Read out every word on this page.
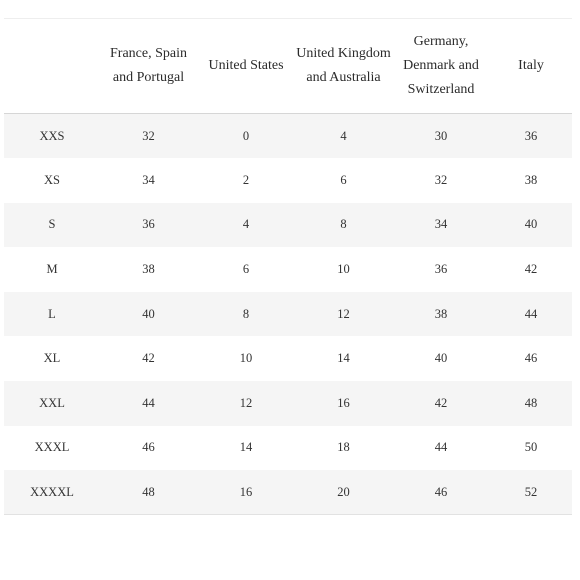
	France, Spain and Portugal	United States	United Kingdom and Australia	Germany, Denmark and Switzerland	Italy
XXS	32	0	4	30	36
XS	34	2	6	32	38
S	36	4	8	34	40
M	38	6	10	36	42
L	40	8	12	38	44
XL	42	10	14	40	46
XXL	44	12	16	42	48
XXXL	46	14	18	44	50
XXXXL	48	16	20	46	52
